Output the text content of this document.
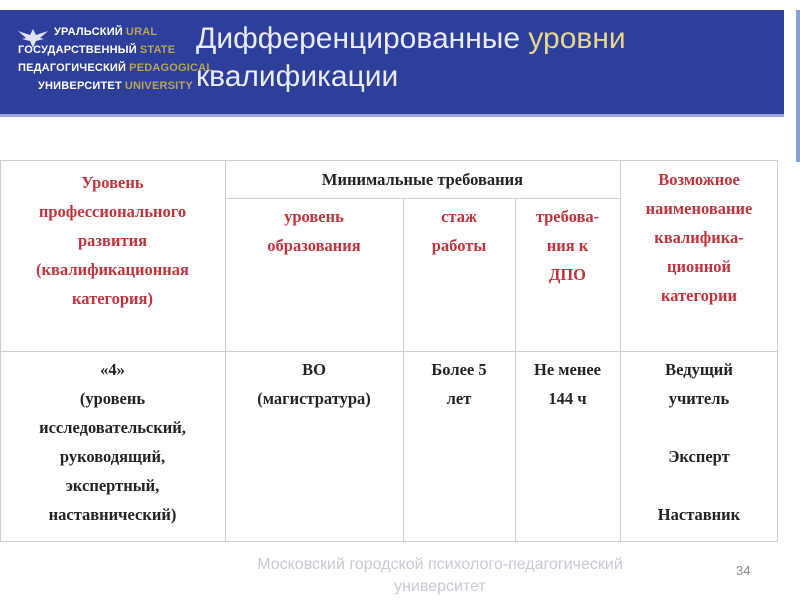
УРАЛЬСКИЙ URAL
ГОСУДАРСТВЕННЫЙ STATE
ПЕДАГОГИЧЕСКИЙ PEDAGOGICAL
УНИВЕРСИТЕТ UNIVERSITY
Дифференцированные уровни
квалификации
Уровень
профессионального
развития
(квалификационная
категория)
Минимальные требования
уровень
образования
стаж
работы
требова-
ния к
ДПО
Возможное
наименование
квалифика-
ционной
категории
«4»
(уровень
исследовательский,
руководящий,
экспертный,
наставнический)
ВО
(магистратура)
Более 5
лет
Не менее
144 ч
Ведущий
учитель
Эксперт
Наставник
Московский городской психолого-педагогический
университет
34
